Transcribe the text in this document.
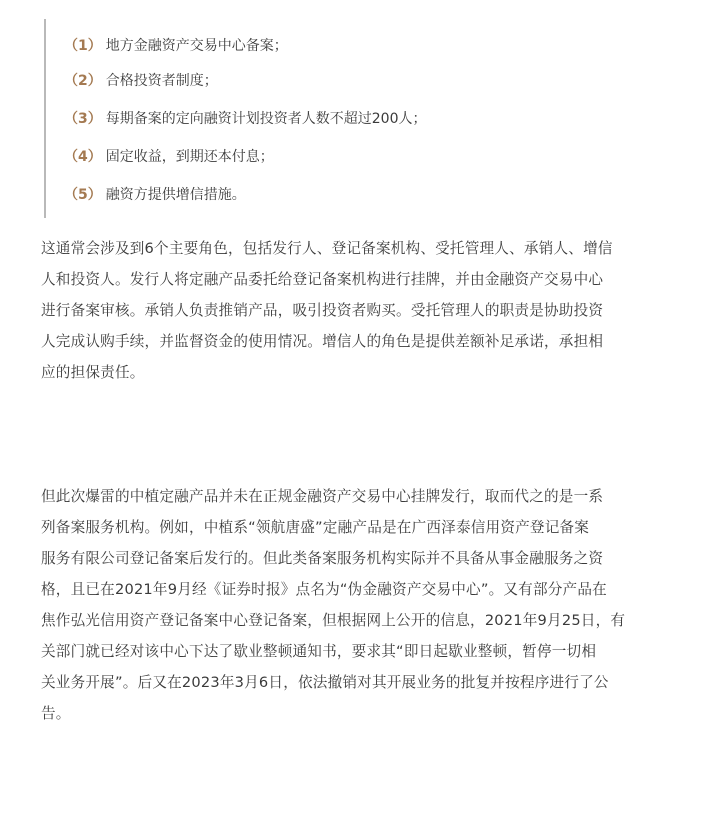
（1） 地方金融资产交易中心备案；
（2） 合格投资者制度；
（3） 每期备案的定向融资计划投资者人数不超过200人；
（4） 固定收益，到期还本付息；
（5） 融资方提供增信措施。
这通常会涉及到6个主要角色，包括发行人、登记备案机构、受托管理人、承销人、增信
人和投资人。发行人将定融产品委托给登记备案机构进行挂牌，并由金融资产交易中心
进行备案审核。承销人负责推销产品，吸引投资者购买。受托管理人的职责是协助投资
人完成认购手续，并监督资金的使用情况。增信人的角色是提供差额补足承诺，承担相
应的担保责任。
但此次爆雷的中植定融产品并未在正规金融资产交易中心挂牌发行，取而代之的是一系
列备案服务机构。例如，中植系“领航唐盛”定融产品是在广西泽泰信用资产登记备案
服务有限公司登记备案后发行的。但此类备案服务机构实际并不具备从事金融服务之资
格，且已在2021年9月经《证券时报》点名为“伪金融资产交易中心”。又有部分产品在
焦作弘光信用资产登记备案中心登记备案，但根据网上公开的信息，2021年9月25日，有
关部门就已经对该中心下达了歇业整顿通知书，要求其“即日起歇业整顿，暂停一切相
关业务开展”。后又在2023年3月6日，依法撤销对其开展业务的批复并按程序进行了公
告。
